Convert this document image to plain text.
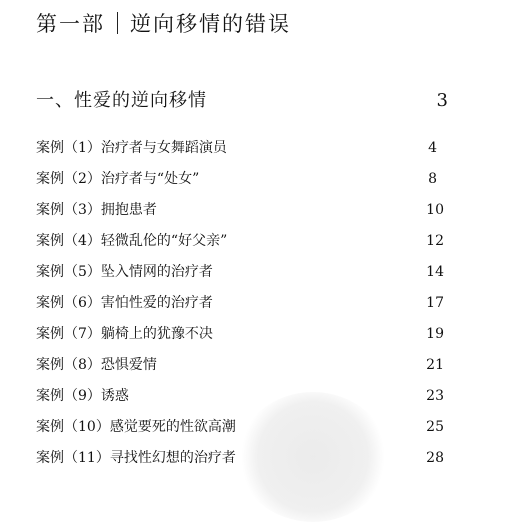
第一部 逆向移情的错误
一、性爱的逆向移情	3
案例（1）治疗者与女舞蹈演员	4
案例（2）治疗者与“处女”	8
案例（3）拥抱患者	10
案例（4）轻微乱伦的“好父亲”	12
案例（5）坠入情网的治疗者	14
案例（6）害怕性爱的治疗者	17
案例（7）躺椅上的犹豫不决	19
案例（8）恐惧爱情	21
案例（9）诱惑	23
案例（10）感觉要死的性欲高潮	25
案例（11）寻找性幻想的治疗者	28
